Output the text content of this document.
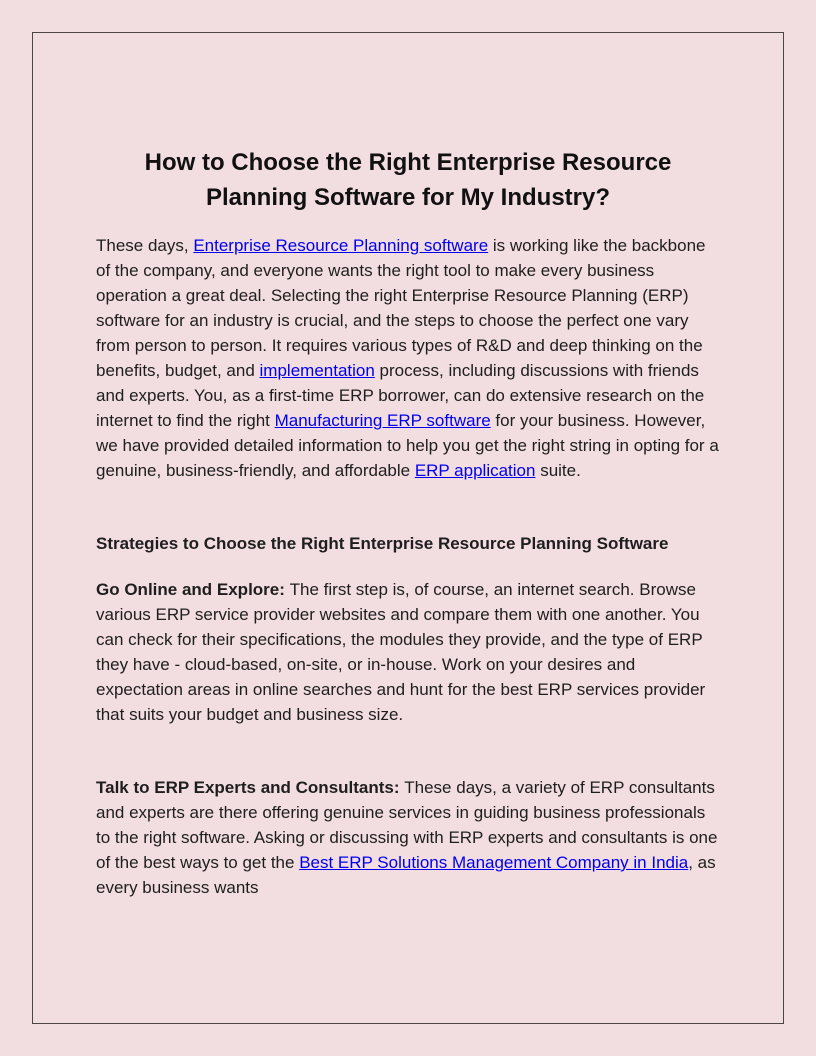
How to Choose the Right Enterprise Resource Planning Software for My Industry?

These days, Enterprise Resource Planning software is working like the backbone of the company, and everyone wants the right tool to make every business operation a great deal. Selecting the right Enterprise Resource Planning (ERP) software for an industry is crucial, and the steps to choose the perfect one vary from person to person. It requires various types of R&D and deep thinking on the benefits, budget, and implementation process, including discussions with friends and experts. You, as a first-time ERP borrower, can do extensive research on the internet to find the right Manufacturing ERP software for your business. However, we have provided detailed information to help you get the right string in opting for a genuine, business-friendly, and affordable ERP application suite.

Strategies to Choose the Right Enterprise Resource Planning Software

Go Online and Explore: The first step is, of course, an internet search. Browse various ERP service provider websites and compare them with one another. You can check for their specifications, the modules they provide, and the type of ERP they have - cloud-based, on-site, or in-house. Work on your desires and expectation areas in online searches and hunt for the best ERP services provider that suits your budget and business size.

Talk to ERP Experts and Consultants: These days, a variety of ERP consultants and experts are there offering genuine services in guiding business professionals to the right software. Asking or discussing with ERP experts and consultants is one of the best ways to get the Best ERP Solutions Management Company in India, as every business wants
